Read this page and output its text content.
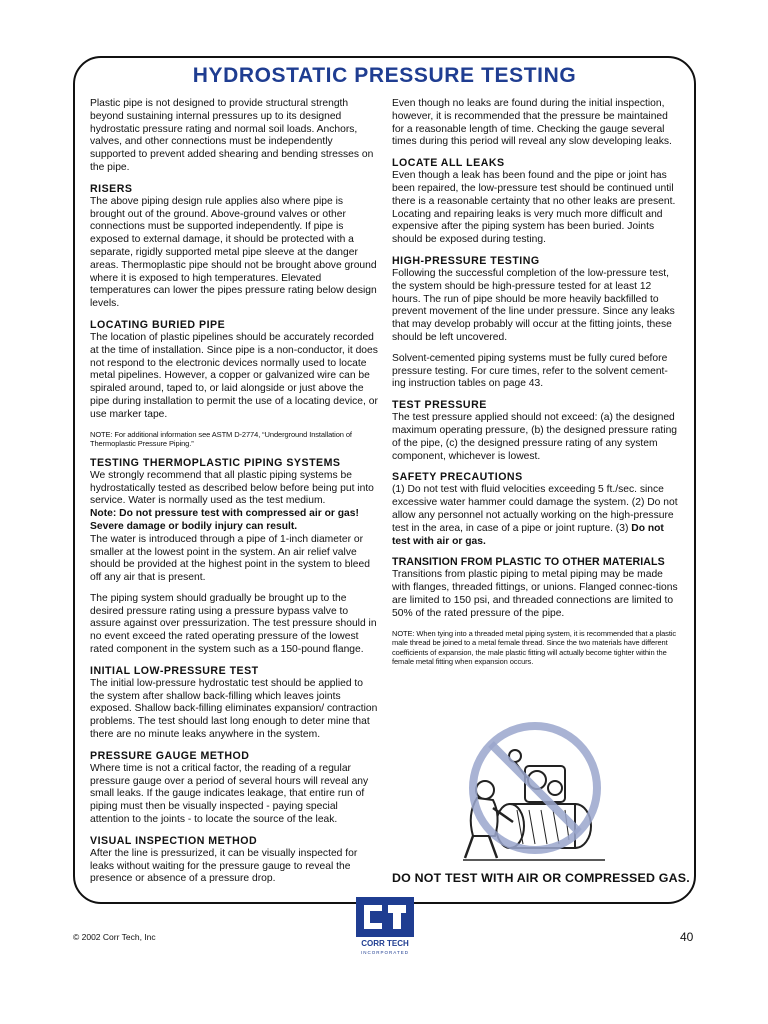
HYDROSTATIC PRESSURE TESTING

Plastic pipe is not designed to provide structural strength beyond sustaining internal pressures up to its designed hydrostatic pressure rating and normal soil loads. Anchors, valves, and other connections must be independently supported to prevent added shearing and bending stresses on the pipe.

RISERS

The above piping design rule applies also where pipe is brought out of the ground. Above-ground valves or other connections must be supported independently. If pipe is exposed to external damage, it should be protected with a separate, rigidly supported metal pipe sleeve at the danger areas. Thermoplastic pipe should not be brought above ground where it is exposed to high temperatures. Elevated temperatures can lower the pipes pressure rating below design levels.

LOCATING BURIED PIPE

The location of plastic pipelines should be accurately recorded at the time of installation. Since pipe is a non-conductor, it does not respond to the electronic devices normally used to locate metal pipelines. However, a copper or galvanized wire can be spiraled around, taped to, or laid alongside or just above the pipe during installation to permit the use of a locating device, or use marker tape.

NOTE: For additional information see ASTM D-2774, “Underground Installation of Thermoplastic Pressure Piping.”

TESTING THERMOPLASTIC PIPING SYSTEMS

We strongly recommend that all plastic piping systems be hydrostatically tested as described below before being put into service. Water is normally used as the test medium.
Note: Do not pressure test with compressed air or gas! Severe damage or bodily injury can result.

The water is introduced through a pipe of 1-inch diameter or smaller at the lowest point in the system. An air relief valve should be provided at the highest point in the system to bleed off any air that is present.

The piping system should gradually be brought up to the desired pressure rating using a pressure bypass valve to assure against over pressurization. The test pressure should in no event exceed the rated operating pressure of the lowest rated component in the system such as a 150-pound flange.

INITIAL LOW-PRESSURE TEST

The initial low-pressure hydrostatic test should be applied to the system after shallow back-filling which leaves joints exposed. Shallow back-filling eliminates expansion/ contraction problems. The test should last long enough to deter mine that there are no minute leaks anywhere in the system.

PRESSURE GAUGE METHOD

Where time is not a critical factor, the reading of a regular pressure gauge over a period of several hours will reveal any small leaks. If the gauge indicates leakage, that entire run of piping must then be visually inspected - paying special attention to the joints - to locate the source of the leak.

VISUAL INSPECTION METHOD

After the line is pressurized, it can be visually inspected for leaks without waiting for the pressure gauge to reveal the presence or absence of a pressure drop.

Even though no leaks are found during the initial inspection, however, it is recommended that the pressure be maintained for a reasonable length of time. Checking the gauge several times during this period will reveal any slow developing leaks.

LOCATE ALL LEAKS

Even though a leak has been found and the pipe or joint has been repaired, the low-pressure test should be continued until there is a reasonable certainty that no other leaks are present. Locating and repairing leaks is very much more difficult and expensive after the piping system has been buried. Joints should be exposed during testing.

HIGH-PRESSURE TESTING

Following the successful completion of the low-pressure test, the system should be high-pressure tested for at least 12 hours. The run of pipe should be more heavily backfilled to prevent movement of the line under pressure. Since any leaks that may develop probably will occur at the fitting joints, these should be left uncovered.

Solvent-cemented piping systems must be fully cured before pressure testing. For cure times, refer to the solvent cement-ing instruction tables on page 43.

TEST PRESSURE

The test pressure applied should not exceed: (a) the designed maximum operating pressure, (b) the designed pressure rating of the pipe, (c) the designed pressure rating of any system component, whichever is lowest.

SAFETY PRECAUTIONS

(1) Do not test with fluid velocities exceeding 5 ft./sec. since excessive water hammer could damage the system. (2) Do not allow any personnel not actually working on the high-pressure test in the area, in case of a pipe or joint rupture. (3) Do not test with air or gas.

TRANSITION FROM PLASTIC TO OTHER MATERIALS

Transitions from plastic piping to metal piping may be made with flanges, threaded fittings, or unions. Flanged connec-tions are limited to 150 psi, and threaded connections are limited to 50% of the rated pressure of the pipe.

NOTE: When tying into a threaded metal piping system, it is recommended that a plastic male thread be joined to a metal female thread. Since the two materials have different coefficients of expansion, the male plastic fitting will actually become tighter within the female metal fitting when expansion occurs.

DO NOT TEST WITH AIR OR COMPRESSED GAS.
© 2002 Corr Tech, Inc
CORR TECH
INCORPORATED
40
